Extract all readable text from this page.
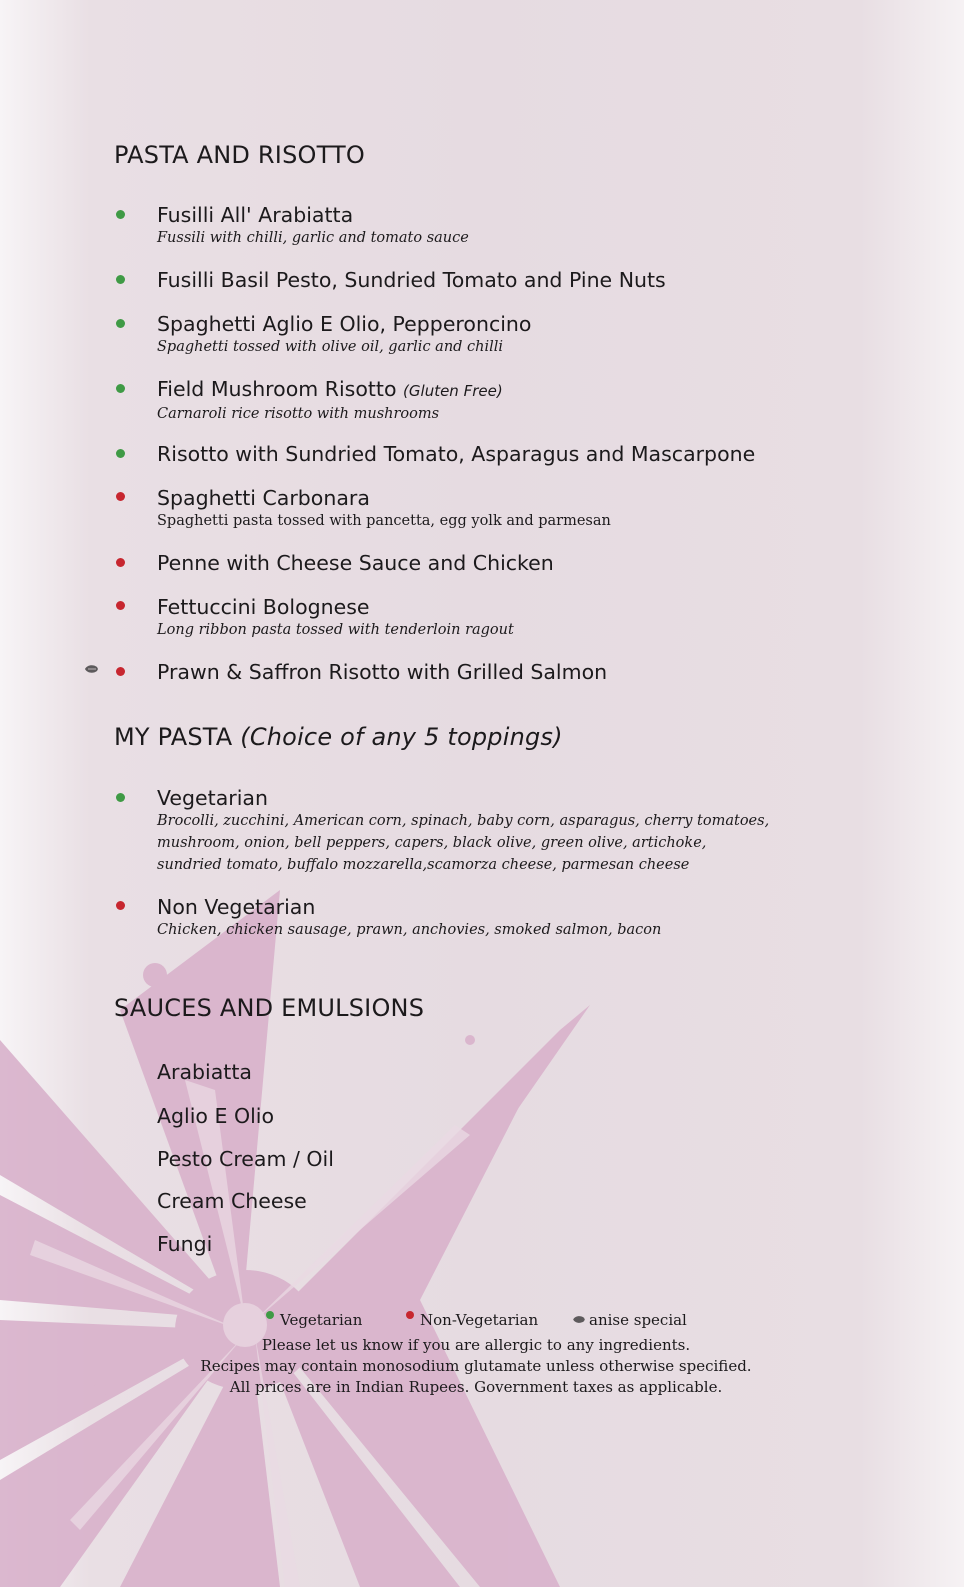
PASTA AND RISOTTO
Fusilli All' Arabiatta
Fussili with chilli, garlic and tomato sauce
Fusilli Basil Pesto, Sundried Tomato and Pine Nuts
Spaghetti Aglio E Olio, Pepperoncino
Spaghetti tossed with olive oil, garlic and chilli
Field Mushroom Risotto (Gluten Free)
Carnaroli rice risotto with mushrooms
Risotto with Sundried Tomato, Asparagus and Mascarpone
Spaghetti Carbonara
Spaghetti pasta tossed with pancetta, egg yolk and parmesan
Penne with Cheese Sauce and Chicken
Fettuccini Bolognese
Long ribbon pasta tossed with tenderloin ragout
Prawn & Saffron Risotto with Grilled Salmon
MY PASTA (Choice of any 5 toppings)
Vegetarian
Brocolli, zucchini, American corn, spinach, baby corn, asparagus, cherry tomatoes,
mushroom, onion, bell peppers, capers, black olive, green olive, artichoke,
sundried tomato, buffalo mozzarella,scamorza cheese, parmesan cheese
Non Vegetarian
Chicken, chicken sausage, prawn, anchovies, smoked salmon, bacon
SAUCES AND EMULSIONS
Arabiatta
Aglio E Olio
Pesto Cream / Oil
Cream Cheese
Fungi
Vegetarian	Non-Vegetarian	anise special
Please let us know if you are allergic to any ingredients.
Recipes may contain monosodium glutamate unless otherwise specified.
All prices are in Indian Rupees. Government taxes as applicable.
